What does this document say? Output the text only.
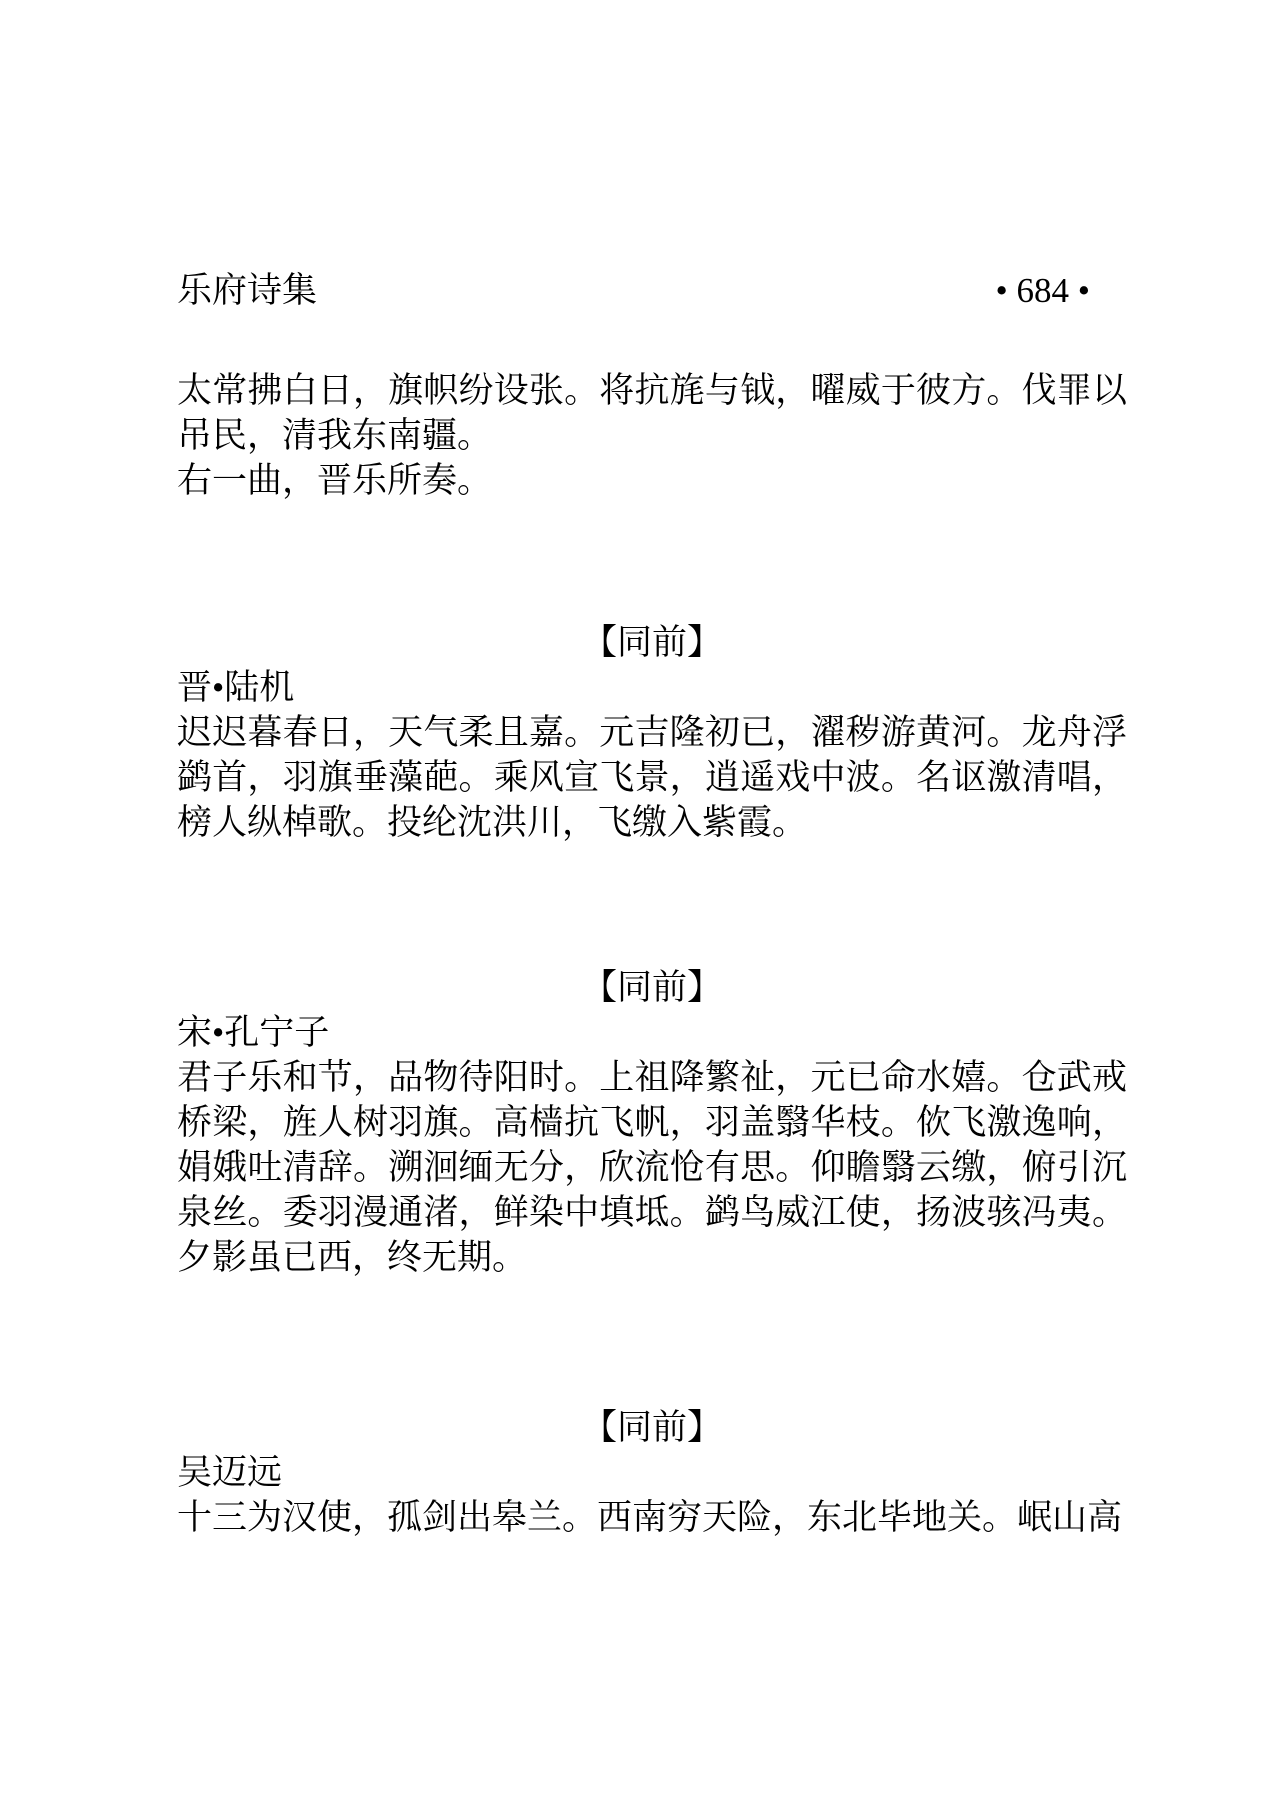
乐府诗集	• 684 •
太常拂白日，旗帜纷设张。将抗旄与钺，曜威于彼方。伐罪以吊民，清我东南疆。
右一曲，晋乐所奏。
【同前】
晋•陆机
迟迟暮春日，天气柔且嘉。元吉隆初已，濯秽游黄河。龙舟浮鹢首，羽旗垂藻葩。乘风宣飞景，逍遥戏中波。名讴激清唱，榜人纵棹歌。投纶沈洪川，飞缴入紫霞。
【同前】
宋•孔宁子
君子乐和节，品物待阳时。上祖降繁祉，元已命水嬉。仓武戒桥梁，旌人树羽旗。高樯抗飞帆，羽盖翳华枝。佽飞激逸响，娟娥吐清辞。溯洄缅无分，欣流怆有思。仰瞻翳云缴，俯引沉泉丝。委羽漫通渚，鲜染中填坻。鹢鸟威江使，扬波骇冯夷。夕影虽已西，终无期。
【同前】
吴迈远
十三为汉使，孤剑出皋兰。西南穷天险，东北毕地关。岷山高
